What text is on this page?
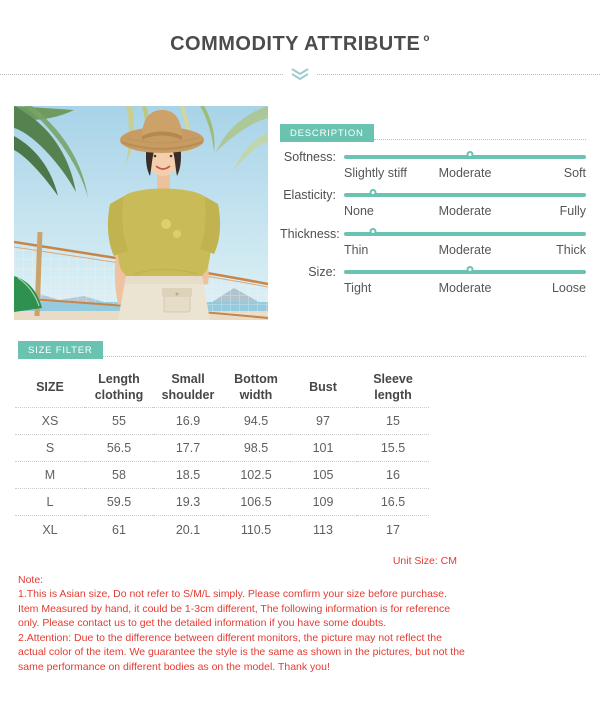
COMMODITY ATTRIBUTE $^o$
DESCRIPTION
Softness:
Slightly stiff	Moderate	Soft
Elasticity:
None	Moderate	Fully
Thickness:
Thin	Moderate	Thick
Size:
Tight	Moderate	Loose
SIZE FILTER
SIZE	Length clothing	Small shoulder	Bottom width	Bust	Sleeve length
XS	55	16.9	94.5	97	15
S	56.5	17.7	98.5	101	15.5
M	58	18.5	102.5	105	16
L	59.5	19.3	106.5	109	16.5
XL	61	20.1	110.5	113	17
Unit Size: CM
Note:
1.This is Asian size, Do not refer to S/M/L simply. Please comfirm your size before purchase. Item Measured by hand, it could be 1-3cm different, The following information is for reference only. Please contact us to get the detailed information if you have some doubts.
2.Attention: Due to the difference between different monitors, the picture may not reflect the actual color of the item. We guarantee the style is the same as shown in the pictures, but not the same performance on different bodies as on the model. Thank you!
